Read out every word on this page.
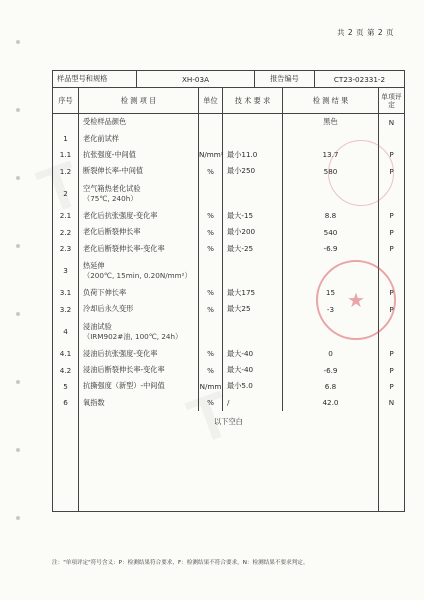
共 2 页 第 2 页
样品型号和规格	XH-03A	报告编号	CT23-02331-2
序号	检 测 项 目	单位	技 术 要 求	检 测 结 果	单项评定
	受检样品颜色			黑色	N
1	老化前试样				
1.1	抗张强度-中间值	N/mm²	最小11.0	13.7	P
1.2	断裂伸长率-中间值	%	最小250	580	P
2	空气箱热老化试验
（75℃, 240h）				

2.1	老化后抗张强度-变化率	%	最大-15	8.8	P
2.2	老化后断裂伸长率	%	最小200	540	P
2.3	老化后断裂伸长率-变化率	%	最大-25	-6.9	P
3	热延伸
（200℃, 15min, 0.20N/mm²）				

3.1	负荷下伸长率	%	最大175	15	P
3.2	冷却后永久变形	%	最大25	-3	P
4	浸油试验
（IRM902#油, 100℃, 24h）				

4.1	浸油后抗张强度-变化率	%	最大-40	0	P
4.2	浸油后断裂伸长率-变化率	%	最大-40	-6.9	P
5	抗撕强度（新型）-中间值	N/mm	最小5.0	6.8	P
6	氧指数	%	/	42.0	N

	以下空白				

★
注："单项评定"符号含义：P：检测结果符合要求，F：检测结果不符合要求，N：检测结果不要求判定。
